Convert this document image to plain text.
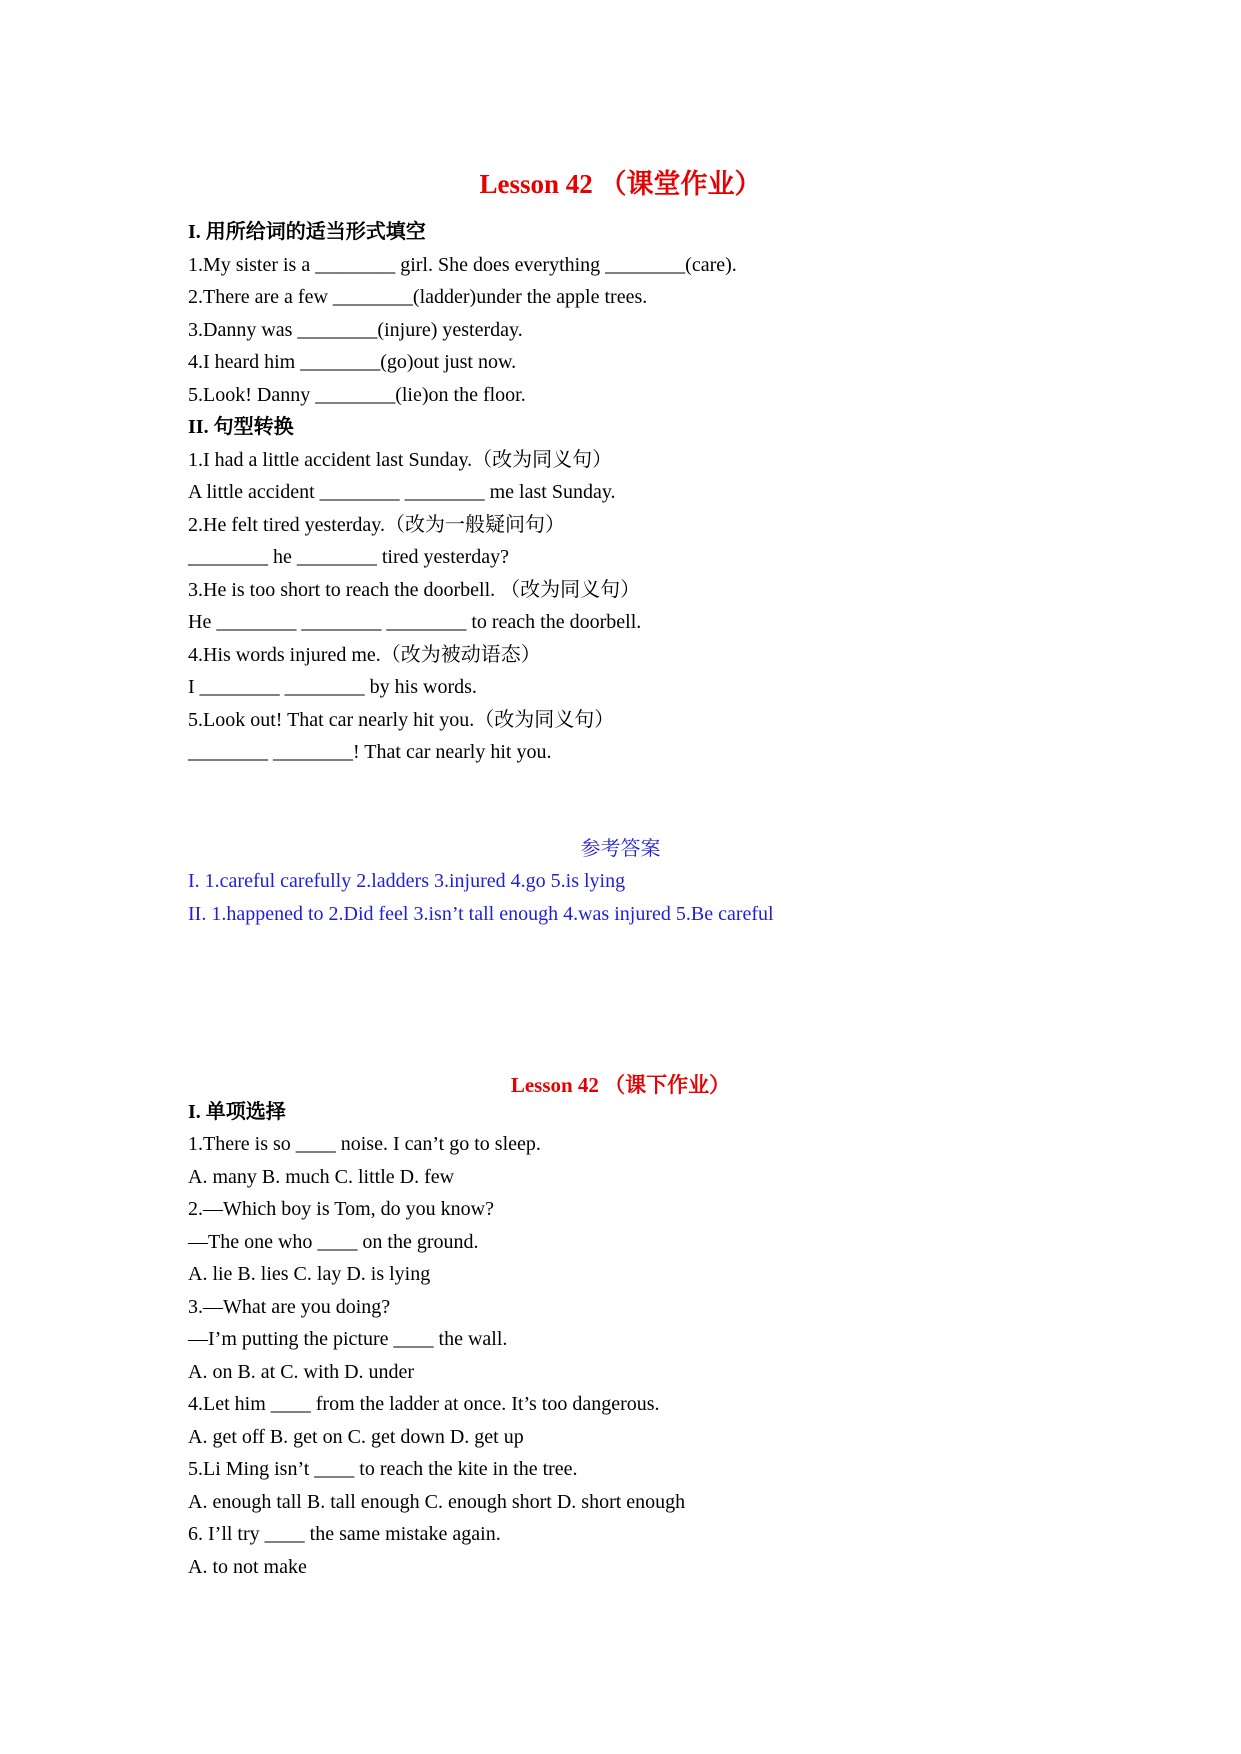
Lesson 42 （课堂作业）
I. 用所给词的适当形式填空
1.My sister is a ________ girl. She does everything ________(care).
2.There are a few ________(ladder)under the apple trees.
3.Danny was ________(injure) yesterday.
4.I heard him ________(go)out just now.
5.Look! Danny ________(lie)on the floor.
II. 句型转换
1.I had a little accident last Sunday.（改为同义句）
A little accident ________ ________ me last Sunday.
2.He felt tired yesterday.（改为一般疑问句）
________ he ________ tired yesterday?
3.He is too short to reach the doorbell. （改为同义句）
He ________ ________ ________ to reach the doorbell.
4.His words injured me.（改为被动语态）
I ________ ________ by his words.
5.Look out! That car nearly hit you.（改为同义句）
________ ________! That car nearly hit you.
参考答案
I. 1.careful carefully 2.ladders 3.injured 4.go 5.is lying
II. 1.happened to 2.Did feel 3.isn’t tall enough 4.was injured 5.Be careful
Lesson 42 （课下作业）
I. 单项选择
1.There is so ____ noise. I can’t go to sleep.
A. many B. much C. little D. few
2.—Which boy is Tom, do you know?
—The one who ____ on the ground.
A. lie B. lies C. lay D. is lying
3.—What are you doing?
—I’m putting the picture ____ the wall.
A. on B. at C. with D. under
4.Let him ____ from the ladder at once. It’s too dangerous.
A. get off B. get on C. get down D. get up
5.Li Ming isn’t ____ to reach the kite in the tree.
A. enough tall B. tall enough C. enough short D. short enough
6. I’ll try ____ the same mistake again.
A. to not make
